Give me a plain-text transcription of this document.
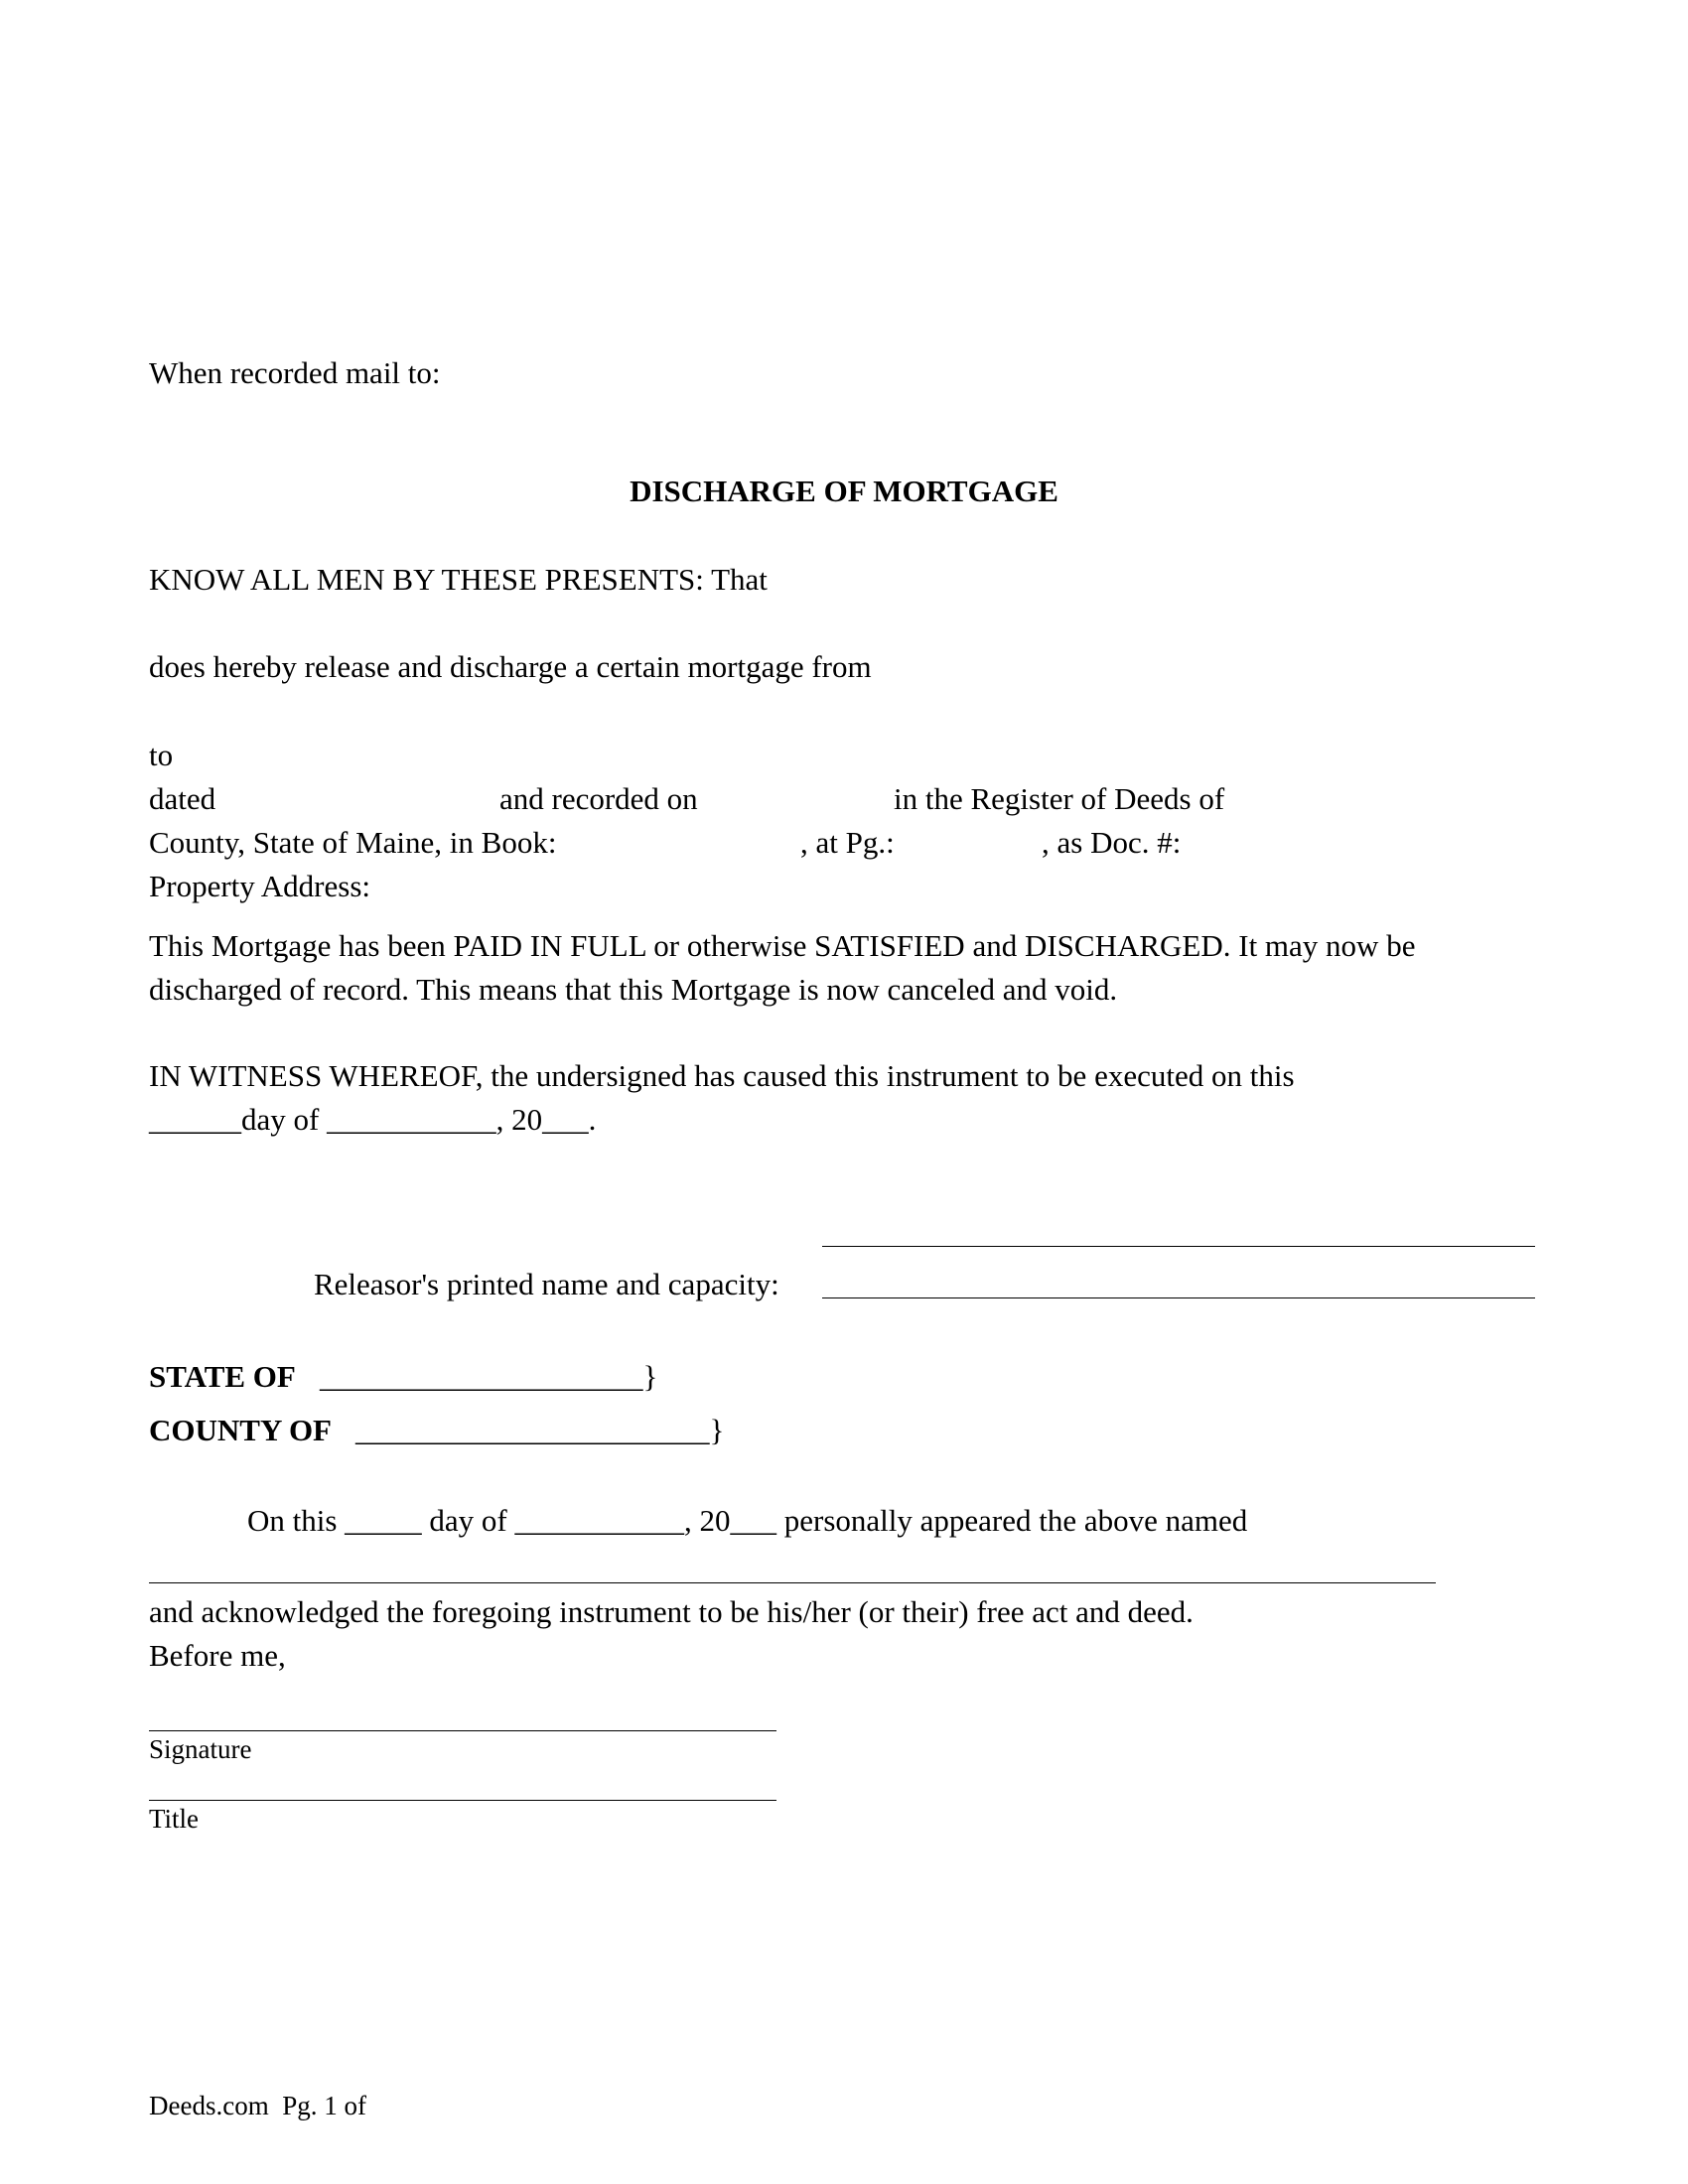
When recorded mail to:
DISCHARGE OF MORTGAGE
KNOW ALL MEN BY THESE PRESENTS: That
does hereby release and discharge a certain mortgage from
to
dated	and recorded on	in the Register of Deeds of
County, State of Maine, in Book:	, at Pg.:	, as Doc. #:
Property Address:
This Mortgage has been PAID IN FULL or otherwise SATISFIED and DISCHARGED. It may now be
discharged of record. This means that this Mortgage is now canceled and void.
IN WITNESS WHEREOF, the undersigned has caused this instrument to be executed on this
______day of ___________, 20___.
Releasor's printed name and capacity:
STATE OF _____________________}
COUNTY OF _______________________}
On this _____ day of ___________, 20___ personally appeared the above named
and acknowledged the foregoing instrument to be his/her (or their) free act and deed.
Before me,
Signature
Title
Deeds.com  Pg. 1 of
